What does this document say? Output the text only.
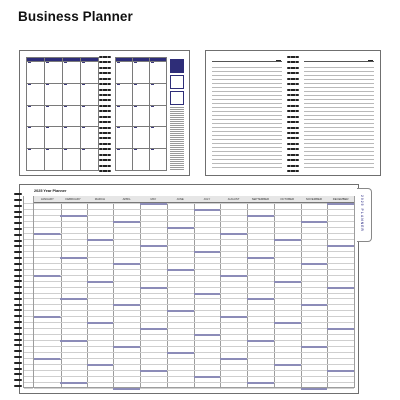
Business Planner
2025 Year Planner
JANUARY	FEBRUARY	MARCH	APRIL	MAY	JUNE	JULY	AUGUST	SEPTEMBER	OCTOBER	NOVEMBER	DECEMBER	2025 PLANNER
